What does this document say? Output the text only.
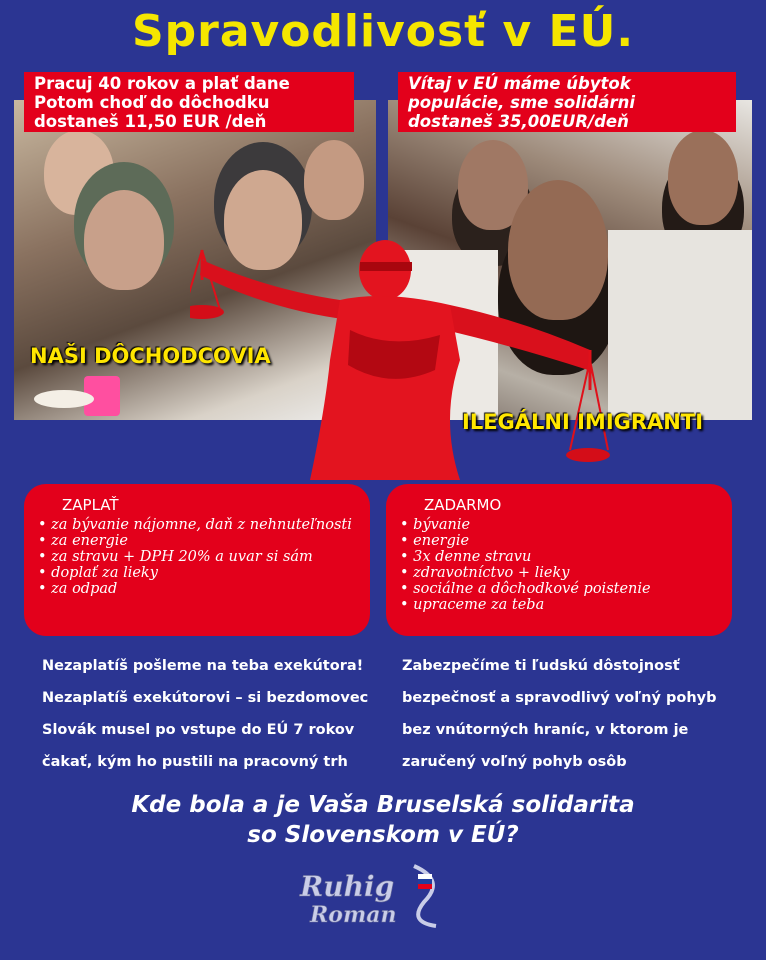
Spravodlivosť v EÚ.
Pracuj 40 rokov a plať dane
Potom choď do dôchodku
dostaneš 11,50 EUR /deň
Vítaj v EÚ máme úbytok
populácie, sme solidárni
dostaneš 35,00EUR/deň
NAŠI DÔCHODCOVIA
ILEGÁLNI IMIGRANTI
ZAPLAŤ
• za bývanie nájomne, daň z nehnuteľnosti
• za energie
• za stravu + DPH 20% a uvar si sám
• doplať za lieky
• za odpad
ZADARMO
• bývanie
• energie
• 3x denne stravu
• zdravotníctvo + lieky
• sociálne a dôchodkové poistenie
• upraceme za teba
Nezaplatíš pošleme na teba exekútora!
Nezaplatíš exekútorovi – si bezdomovec
Slovák musel po vstupe do EÚ 7 rokov
čakať, kým ho pustili na pracovný trh
Zabezpečíme ti ľudskú dôstojnosť
bezpečnosť a spravodlivý voľný pohyb
bez vnútorných hraníc, v ktorom je
zaručený voľný pohyb osôb
Kde bola a je Vaša Bruselská solidarita
so Slovenskom v EÚ?
Ruhig
Roman
